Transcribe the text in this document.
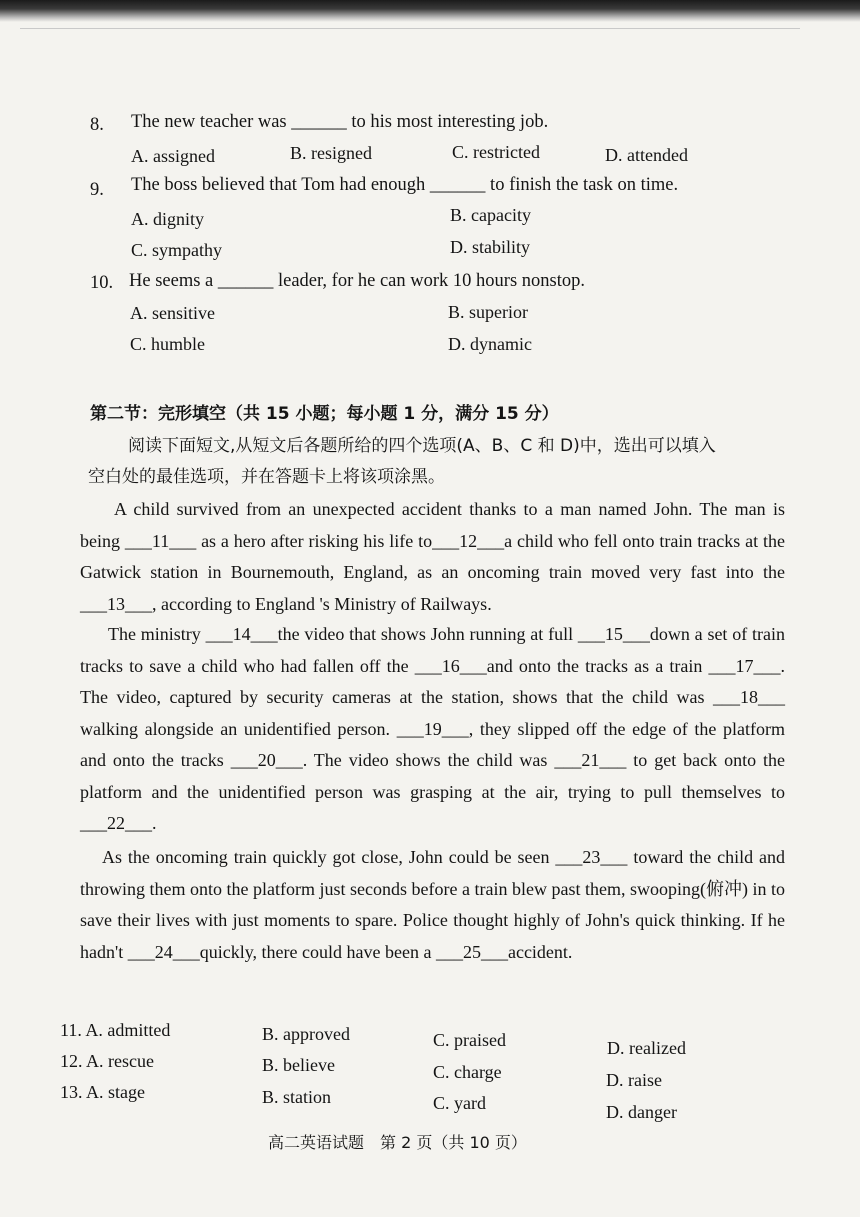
8. The new teacher was ______ to his most interesting job.
A. assigned	B. resigned	C. restricted	D. attended
9. The boss believed that Tom had enough ______ to finish the task on time.
A. dignity	B. capacity
C. sympathy	D. stability
10. He seems a ______ leader, for he can work 10 hours nonstop.
A. sensitive	B. superior
C. humble	D. dynamic
第二节：完形填空（共 15 小题；每小题 1 分，满分 15 分）
阅读下面短文,从短文后各题所给的四个选项(A、B、C 和 D)中，选出可以填入
空白处的最佳选项，并在答题卡上将该项涂黑。
A child survived from an unexpected accident thanks to a man named John. The man is being ___11___ as a hero after risking his life to___12___a child who fell onto train tracks at the Gatwick station in Bournemouth, England, as an oncoming train moved very fast into the ___13___, according to England 's Ministry of Railways.
The ministry ___14___the video that shows John running at full ___15___down a set of train tracks to save a child who had fallen off the ___16___and onto the tracks as a train ___17___. The video, captured by security cameras at the station, shows that the child was ___18___ walking alongside an unidentified person. ___19___, they slipped off the edge of the platform and onto the tracks ___20___. The video shows the child was ___21___ to get back onto the platform and the unidentified person was grasping at the air, trying to pull themselves to ___22___.
As the oncoming train quickly got close, John could be seen ___23___ toward the child and throwing them onto the platform just seconds before a train blew past them, swooping(俯冲) in to save their lives with just moments to spare. Police thought highly of John's quick thinking. If he hadn't ___24___quickly, there could have been a ___25___accident.
11. A. admitted	B. approved	C. praised	D. realized
12. A. rescue	B. believe	C. charge	D. raise
13. A. stage	B. station	C. yard	D. danger
高二英语试题　第 2 页（共 10 页）
